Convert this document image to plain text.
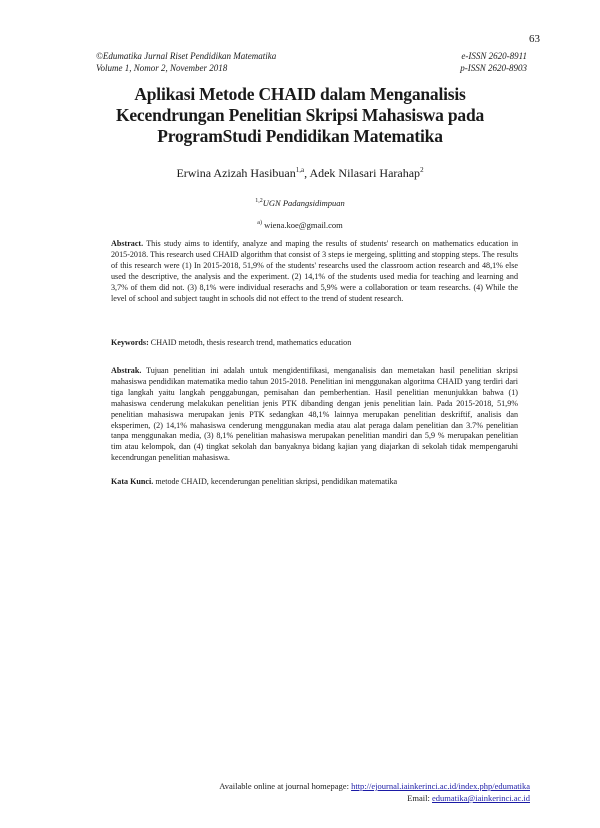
63
©Edumatika Jurnal Riset Pendidikan Matematika
Volume 1, Nomor 2, November 2018
e-ISSN 2620-8911
p-ISSN 2620-8903
Aplikasi Metode CHAID dalam Menganalisis Kecendrungan Penelitian Skripsi Mahasiswa pada ProgramStudi Pendidikan Matematika
Erwina Azizah Hasibuan$^{1,a}$, Adek Nilasari Harahap$^2$
$^{1,2}$UGN Padangsidimpuan
$^{a)}$ wiena.koe@gmail.com

Abstract. This study aims to identify, analyze and maping the results of students' research on mathematics education in 2015-2018. This research used CHAID algorithm that consist of 3 steps ie mergeing, splitting and stopping steps. The results of this research were (1) In 2015-2018, 51,9% of the students' researchs used the classroom action research and 48,1% else used the descriptive, the analysis and the experiment. (2) 14,1% of the students used media for teaching and learning and 3,7% of them did not. (3) 8,1% were individual reserachs and 5,9% were a collaboration or team researchs. (4) While the level of school and subject taught in schools did not effect to the trend of student research.

Keywords: CHAID metodh, thesis research trend, mathematics education

Abstrak. Tujuan penelitian ini adalah untuk mengidentifikasi, menganalisis dan memetakan hasil penelitian skripsi mahasiswa pendidikan matematika medio tahun 2015-2018. Penelitian ini menggunakan algoritma CHAID yang terdiri dari tiga langkah yaitu langkah penggabungan, pemisahan dan pemberhentian. Hasil penelitian menunjukkan bahwa (1) mahasiswa cenderung melakukan penelitian jenis PTK dibanding dengan jenis penelitian lain. Pada 2015-2018, 51,9% penelitian mahasiswa merupakan jenis PTK sedangkan 48,1% lainnya merupakan penelitian deskriftif, analisis dan eksperimen, (2) 14,1% mahasiswa cenderung menggunakan media atau alat peraga dalam penelitian dan 3.7% penelitian tanpa menggunakan media, (3) 8,1% penelitian mahasiswa merupakan penelitian mandiri dan 5,9 % merupakan penelitian tim atau kelompok, dan (4) tingkat sekolah dan banyaknya bidang kajian yang diajarkan di sekolah tidak mempengaruhi kecendrungan penelitian mahasiswa.

Kata Kunci. metode CHAID, kecenderungan penelitian skripsi, pendidikan matematika

Available online at journal homepage: http://ejournal.iainkerinci.ac.id/index.php/edumatika
Email: edumatika@iainkerinci.ac.id
